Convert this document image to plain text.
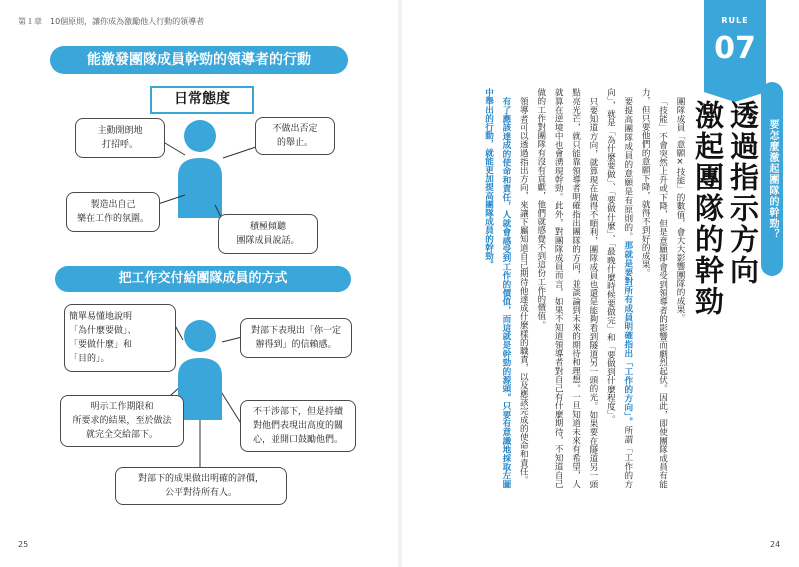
第１章　10個原則，讓你成為激勵他人行動的領導者
能激發團隊成員幹勁的領導者的行動
日常態度
主動開朗地
打招呼。
不做出否定
的舉止。
製造出自己
樂在工作的氛圍。
積極傾聽
團隊成員說話。
把工作交付給團隊成員的方式
簡單易懂地說明
「為什麼要做」、
「要做什麼」和
「目的」。
對部下表現出「你一定
辦得到」的信賴感。
明示工作期限和
所要求的結果，至於做法
就完全交給部下。
不干涉部下，但是持續
對他們表現出高度的關
心，並開口鼓勵他們。
對部下的成果做出明確的評價，
公平對待所有人。
25
RULE
07
要怎麼激起團隊的幹勁？
透過指示方向
激起團隊的幹勁

團隊成員「意願×技能」的數值，會大大影響團隊的成果。

「技能」不會突然上升或下降，但是意願卻會受到領導者的影響而劇烈起伏。因此，即使團隊成員有能力，但只要他們的意願下降，就得不到好的成果。

要提高團隊成員的意願是有原則的。那就是要對所有成員明確指出「工作的方向」。所謂「工作的方向」，就是「為什麼要做」、「要做什麼」、「最晚什麼時候要做完」和「要做到什麼程度」。

只要知道方向，就算現在做得不順利，團隊成員也還是能夠看到隧道另一頭的光。如果要在隧道另一頭點亮光芒，就只能靠領導者明確指出團隊的方向，並談論到未來的期待和理想。一旦知道未來有希望，人就算在逆境中也會湧現幹勁。此外，對團隊成員而言，如果不知道領導者對自己有什麼期待，不知道自己做的工作對團隊有沒有貢獻，他們就感覺不到這份工作的價值。

領導者可以透過指出方向，來讓下屬知道自己期待他達成什麼樣的職責，以及應該完成的使命和責任。

有了應該達成的使命和責任，人就會感受到工作的價值，而這就是幹勁的源頭。只要有意識地採取左圖中舉出的行動，就能更加提高團隊成員的幹勁。

24
